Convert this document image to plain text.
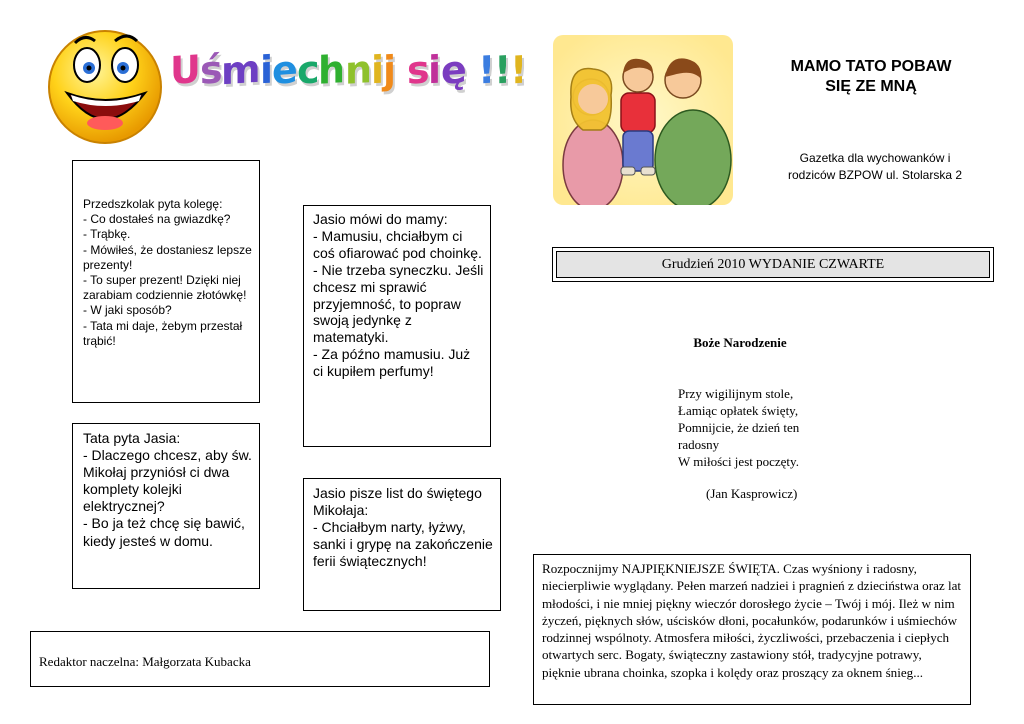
Uśmiechnij się !!!	MAMO TATO POBAW
SIĘ ZE MNĄ
Gazetka dla wychowanków i
rodziców BZPOW ul. Stolarska 2
Grudzień 2010 WYDANIE CZWARTE
Przedszkolak pyta kolegę:
- Co dostałeś na gwiazdkę?
- Trąbkę.
- Mówiłeś, że dostaniesz lepsze prezenty!
- To super prezent! Dzięki niej zarabiam codziennie złotówkę!
- W jaki sposób?
- Tata mi daje, żebym przestał trąbić!
Jasio mówi do mamy:
- Mamusiu, chciałbym ci coś ofiarować pod choinkę.
- Nie trzeba syneczku. Jeśli chcesz mi sprawić przyjemność, to popraw swoją jedynkę z matematyki.
- Za późno mamusiu. Już ci kupiłem perfumy!
Tata pyta Jasia:
- Dlaczego chcesz, aby św. Mikołaj przyniósł ci dwa komplety kolejki elektrycznej?
- Bo ja też chcę się bawić, kiedy jesteś w domu.
Jasio pisze list do świętego Mikołaja:
- Chciałbym narty, łyżwy, sanki i grypę na zakończenie ferii świątecznych!
Boże Narodzenie
Przy wigilijnym stole,
Łamiąc opłatek święty,
Pomnijcie, że dzień ten
radosny
W miłości jest poczęty.
(Jan Kasprowicz)
Rozpocznijmy NAJPIĘKNIEJSZE ŚWIĘTA. Czas wyśniony i radosny, niecierpliwie wyglądany. Pełen marzeń nadziei i pragnień z dzieciństwa oraz lat młodości, i nie mniej piękny wieczór dorosłego życie – Twój i mój. Ileż w nim życzeń, pięknych słów, uścisków dłoni, pocałunków, podarunków i uśmiechów rodzinnej wspólnoty. Atmosfera miłości, życzliwości, przebaczenia i ciepłych otwartych serc. Bogaty, świąteczny zastawiony stół, tradycyjne potrawy, pięknie ubrana choinka, szopka i kolędy oraz proszący za oknem śnieg...
Redaktor naczelna: Małgorzata Kubacka
